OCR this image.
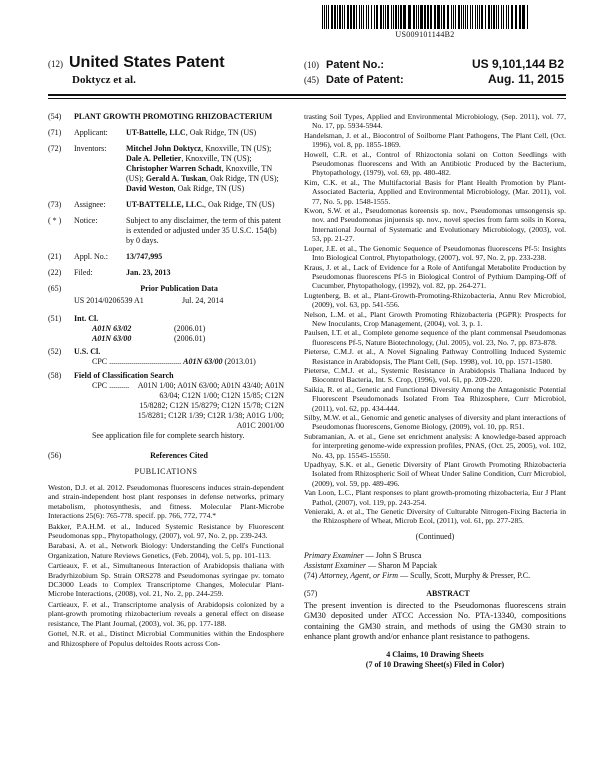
US009101144B2
(12) United States Patent
Doktycz et al.
(10) Patent No.:	US 9,101,144 B2
(45) Date of Patent:	Aug. 11, 2015
(54)	PLANT GROWTH PROMOTING RHIZOBACTERIUM
(71)	Applicant:	UT-Battelle, LLC, Oak Ridge, TN (US)
(72)	Inventors:	Mitchel John Doktycz, Knoxville, TN (US); Dale A. Pelletier, Knoxville, TN (US); Christopher Warren Schadt, Knoxville, TN (US); Gerald A. Tuskan, Oak Ridge, TN (US); David Weston, Oak Ridge, TN (US)
(73)	Assignee:	UT-BATTELLE, LLC., Oak Ridge, TN (US)
( * )	Notice:	Subject to any disclaimer, the term of this patent is extended or adjusted under 35 U.S.C. 154(b) by 0 days.
(21)	Appl. No.:	13/747,995
(22)	Filed:	Jan. 23, 2013
(65)	Prior Publication Data
US 2014/0206539 A1	Jul. 24, 2014
(51)	Int. Cl.
A01N 63/02	(2006.01)
A01N 63/00	(2006.01)
(52)	U.S. Cl.
CPC .................................... A01N 63/00 (2013.01)
(58)	Field of Classification Search
CPC ..........	A01N 1/00; A01N 63/00; A01N 43/40; A01N 63/04; C12N 1/00; C12N 15/85; C12N 15/8282; C12N 15/8279; C12N 15/78; C12N 15/8281; C12R 1/39; C12R 1/38; A01G 1/00; A01C 2001/00
See application file for complete search history.
(56)	References Cited
PUBLICATIONS
Weston, D.J. et al. 2012. Pseudomonas fluorescens induces strain-dependent and strain-independent host plant responses in defense networks, primary metabolism, photosynthesis, and fitness. Molecular Plant-Microbe Interactions 25(6): 765-778. specif. pp. 766, 772, 774.*
Bakker, P.A.H.M. et al., Induced Systemic Resistance by Fluorescent Pseudomonas spp., Phytopathology, (2007), vol. 97, No. 2, pp. 239-243.
Barabasi, A. et al., Network Biology: Understanding the Cell's Functional Organization, Nature Reviews Genetics, (Feb. 2004), vol. 5, pp. 101-113.
Cartieaux, F. et al., Simultaneous Interaction of Arabidopsis thaliana with Bradyrhizobium Sp. Strain ORS278 and Pseudomonas syringae pv. tomato DC3000 Leads to Complex Transcriptome Changes, Molecular Plant-Microbe Interactions, (2008), vol. 21, No. 2, pp. 244-259.
Cartieaux, F. et al., Transcriptome analysis of Arabidopsis colonized by a plant-growth promoting rhizobacterium reveals a general effect on disease resistance, The Plant Journal, (2003), vol. 36, pp. 177-188.
Gottel, N.R. et al., Distinct Microbial Communities within the Endosphere and Rhizosphere of Populus deltoides Roots across Con-
trasting Soil Types, Applied and Environmental Microbiology, (Sep. 2011), vol. 77, No. 17, pp. 5934-5944.
Handelsman, J. et al., Biocontrol of Soilborne Plant Pathogens, The Plant Cell, (Oct. 1996), vol. 8, pp. 1855-1869.
Howell, C.R. et al., Control of Rhizoctonia solani on Cotton Seedlings with Pseudomonas fluorescens and With an Antibiotic Produced by the Bacterium, Phytopathology, (1979), vol. 69, pp. 480-482.
Kim, C.K. et al., The Multifactorial Basis for Plant Health Promotion by Plant-Associated Bacteria, Applied and Environmental Microbiology, (Mar. 2011), vol. 77, No. 5, pp. 1548-1555.
Kwon, S.W. et al., Pseudomonas koreensis sp. nov., Pseudomonas umsongensis sp. nov. and Pseudomonas jinjuensis sp. nov., novel species from farm soils in Korea, International Journal of Systematic and Evolutionary Microbiology, (2003), vol. 53, pp. 21-27.
Loper, J.E. et al., The Genomic Sequence of Pseudomonas fluorescens Pf-5: Insights Into Biological Control, Phytopathology, (2007), vol. 97, No. 2, pp. 233-238.
Kraus, J. et al., Lack of Evidence for a Role of Antifungal Metabolite Production by Pseudomonas fluorescens Pf-5 in Biological Control of Pythium Damping-Off of Cucumber, Phytopathology, (1992), vol. 82, pp. 264-271.
Lugtenberg, B. et al., Plant-Growth-Promoting-Rhizobacteria, Annu Rev Microbiol, (2009), vol. 63, pp. 541-556.
Nelson, L.M. et al., Plant Growth Promoting Rhizobacteria (PGPR): Prospects for New Inoculants, Crop Management, (2004), vol. 3, p. 1.
Paulsen, I.T. et al., Complete genome sequence of the plant commensal Pseudomonas fluorescens Pf-5, Nature Biotechnology, (Jul. 2005), vol. 23, No. 7, pp. 873-878.
Pieterse, C.M.J. et al., A Novel Signaling Pathway Controlling Induced Systemic Resistance in Arabidopsis, The Plant Cell, (Sep. 1998), vol. 10, pp. 1571-1580.
Pieterse, C.M.J. et al., Systemic Resistance in Arabidopsis Thaliana Induced by Biocontrol Bacteria, Int. S. Crop, (1996), vol. 61, pp. 209-220.
Saikia, R. et al., Genetic and Functional Diversity Among the Antagonistic Potential Fluorescent Pseudomonads Isolated From Tea Rhizosphere, Curr Microbiol, (2011), vol. 62, pp. 434-444.
Silby, M.W. et al., Genomic and genetic analyses of diversity and plant interactions of Pseudomonas fluorescens, Genome Biology, (2009), vol. 10, pp. R51.
Subramanian, A. et al., Gene set enrichment analysis: A knowledge-based approach for interpreting genome-wide expression profiles, PNAS, (Oct. 25, 2005), vol. 102, No. 43, pp. 15545-15550.
Upadhyay, S.K. et al., Genetic Diversity of Plant Growth Promoting Rhizobacteria Isolated from Rhizospheric Soil of Wheat Under Saline Condition, Curr Microbiol, (2009), vol. 59, pp. 489-496.
Van Loon, L.C., Plant responses to plant growth-promoting rhizobacteria, Eur J Plant Pathol, (2007), vol. 119, pp. 243-254.
Venieraki, A. et al., The Genetic Diversity of Culturable Nitrogen-Fixing Bacteria in the Rhizosphere of Wheat, Microb Ecol, (2011), vol. 61, pp. 277-285.
(Continued)
Primary Examiner — John S Brusca
Assistant Examiner — Sharon M Papciak
(74) Attorney, Agent, or Firm — Scully, Scott, Murphy & Presser, P.C.
(57)	ABSTRACT
The present invention is directed to the Pseudomonas fluorescens strain GM30 deposited under ATCC Accession No. PTA-13340, compositions containing the GM30 strain, and methods of using the GM30 strain to enhance plant growth and/or enhance plant resistance to pathogens.
4 Claims, 10 Drawing Sheets
(7 of 10 Drawing Sheet(s) Filed in Color)
